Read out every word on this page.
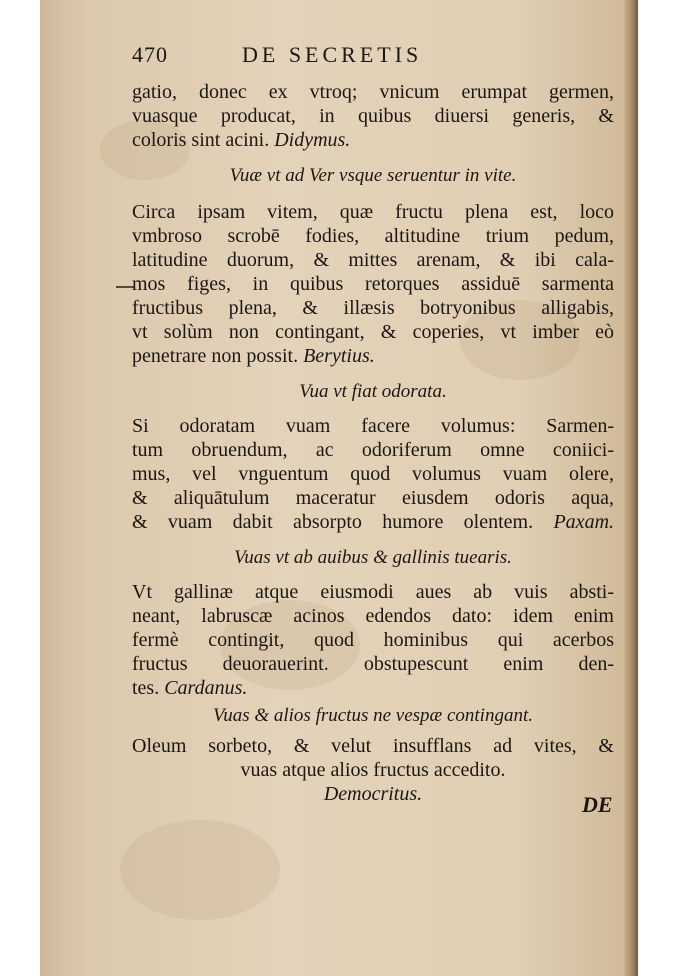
470	DE SECRETIS
gatio, donec ex vtroq; vnicum erumpat germen,
vuasque producat, in quibus diuersi generis, &
coloris sint acini. Didymus.
Vuæ vt ad Ver vsque seruentur in vite.
Circa ipsam vitem, quæ fructu plena est, loco
vmbroso scrobē fodies, altitudine trium pedum,
latitudine duorum, & mittes arenam, & ibi cala-
mos figes, in quibus retorques assiduē sarmenta
fructibus plena, & illæsis botryonibus alligabis,
vt solùm non contingant, & coperies, vt imber eò
penetrare non possit. Berytius.
Vua vt fiat odorata.
Si odoratam vuam facere volumus: Sarmen-
tum obruendum, ac odoriferum omne coniici-
mus, vel vnguentum quod volumus vuam olere,
& aliquātulum maceratur eiusdem odoris aqua,
& vuam dabit absorpto humore olentem. Paxam.
Vuas vt ab auibus & gallinis tuearis.
Vt gallinæ atque eiusmodi aues ab vuis absti-
neant, labruscæ acinos edendos dato: idem enim
fermè contingit, quod hominibus qui acerbos
fructus deuorauerint. obstupescunt enim den-
tes. Cardanus.
Vuas & alios fructus ne vespæ contingant.
Oleum sorbeto, & velut insufflans ad vites, &
vuas atque alios fructus accedito.
Democritus.	DE
